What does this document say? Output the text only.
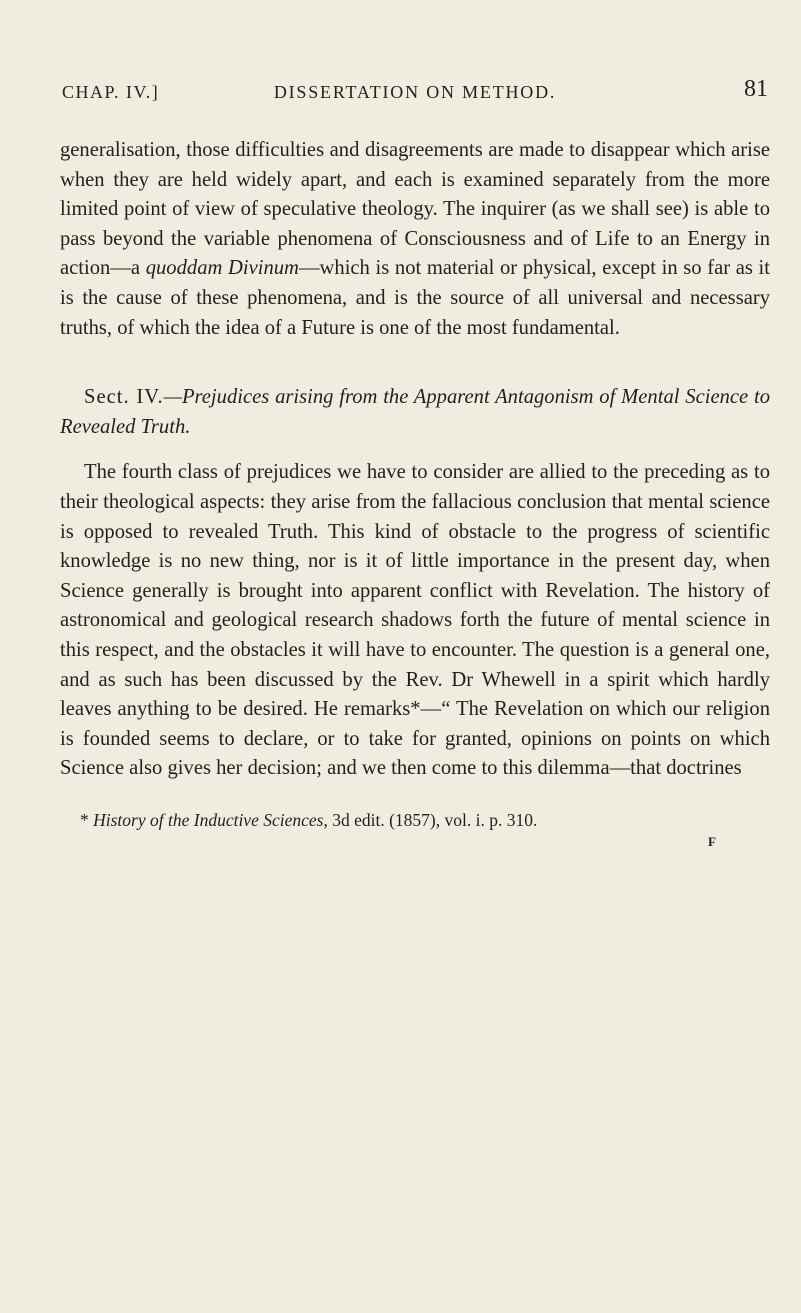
CHAP. IV.]	DISSERTATION ON METHOD.	81

generalisation, those difficulties and disagreements are made to disappear which arise when they are held widely apart, and each is examined separately from the more limited point of view of speculative theology. The inquirer (as we shall see) is able to pass beyond the variable phenomena of Consciousness and of Life to an Energy in action—a quoddam Divinum—which is not material or physical, except in so far as it is the cause of these phenomena, and is the source of all universal and necessary truths, of which the idea of a Future is one of the most fundamental.

Sect. IV.—Prejudices arising from the Apparent Antagonism of Mental Science to Revealed Truth.

The fourth class of prejudices we have to consider are allied to the preceding as to their theological aspects: they arise from the fallacious conclusion that mental science is opposed to revealed Truth. This kind of obstacle to the progress of scientific knowledge is no new thing, nor is it of little importance in the present day, when Science generally is brought into apparent conflict with Revelation. The history of astronomical and geological research shadows forth the future of mental science in this respect, and the obstacles it will have to encounter. The question is a general one, and as such has been discussed by the Rev. Dr Whewell in a spirit which hardly leaves anything to be desired. He remarks*—“ The Revelation on which our religion is founded seems to declare, or to take for granted, opinions on points on which Science also gives her decision; and we then come to this dilemma—that doctrines

* History of the Inductive Sciences, 3d edit. (1857), vol. i. p. 310.
F
